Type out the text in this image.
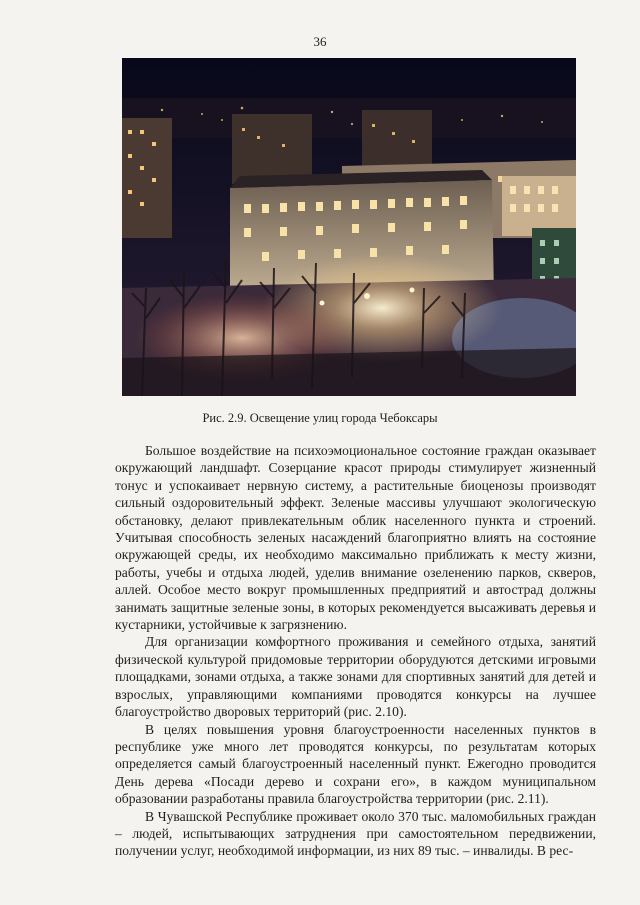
36
Рис. 2.9. Освещение улиц города Чебоксары

Большое воздействие на психоэмоциональное состояние граждан оказывает окружающий ландшафт. Созерцание красот природы стимулирует жизненный тонус и успокаивает нервную систему, а растительные биоценозы производят сильный оздоровительный эффект. Зеленые массивы улучшают экологическую обстановку, делают привлекательным облик населенного пункта и строений. Учитывая способность зеленых насаждений благоприятно влиять на состояние окружающей среды, их необходимо максимально приближать к месту жизни, работы, учебы и отдыха людей, уделив внимание озеленению парков, скверов, аллей. Особое место вокруг промышленных предприятий и автострад должны занимать защитные зеленые зоны, в которых рекомендуется высаживать деревья и кустарники, устойчивые к загрязнению.

Для организации комфортного проживания и семейного отдыха, занятий физической культурой придомовые территории оборудуются детскими игровыми площадками, зонами отдыха, а также зонами для спортивных занятий для детей и взрослых, управляющими компаниями проводятся конкурсы на лучшее благоустройство дворовых территорий (рис. 2.10).

В целях повышения уровня благоустроенности населенных пунктов в республике уже много лет проводятся конкурсы, по результатам которых определяется самый благоустроенный населенный пункт. Ежегодно проводится День дерева «Посади дерево и сохрани его», в каждом муниципальном образовании разработаны правила благоустройства территории (рис. 2.11).

В Чувашской Республике проживает около 370 тыс. маломобильных граждан – людей, испытывающих затруднения при самостоятельном передвижении, получении услуг, необходимой информации, из них 89 тыс. – инвалиды. В рес-
